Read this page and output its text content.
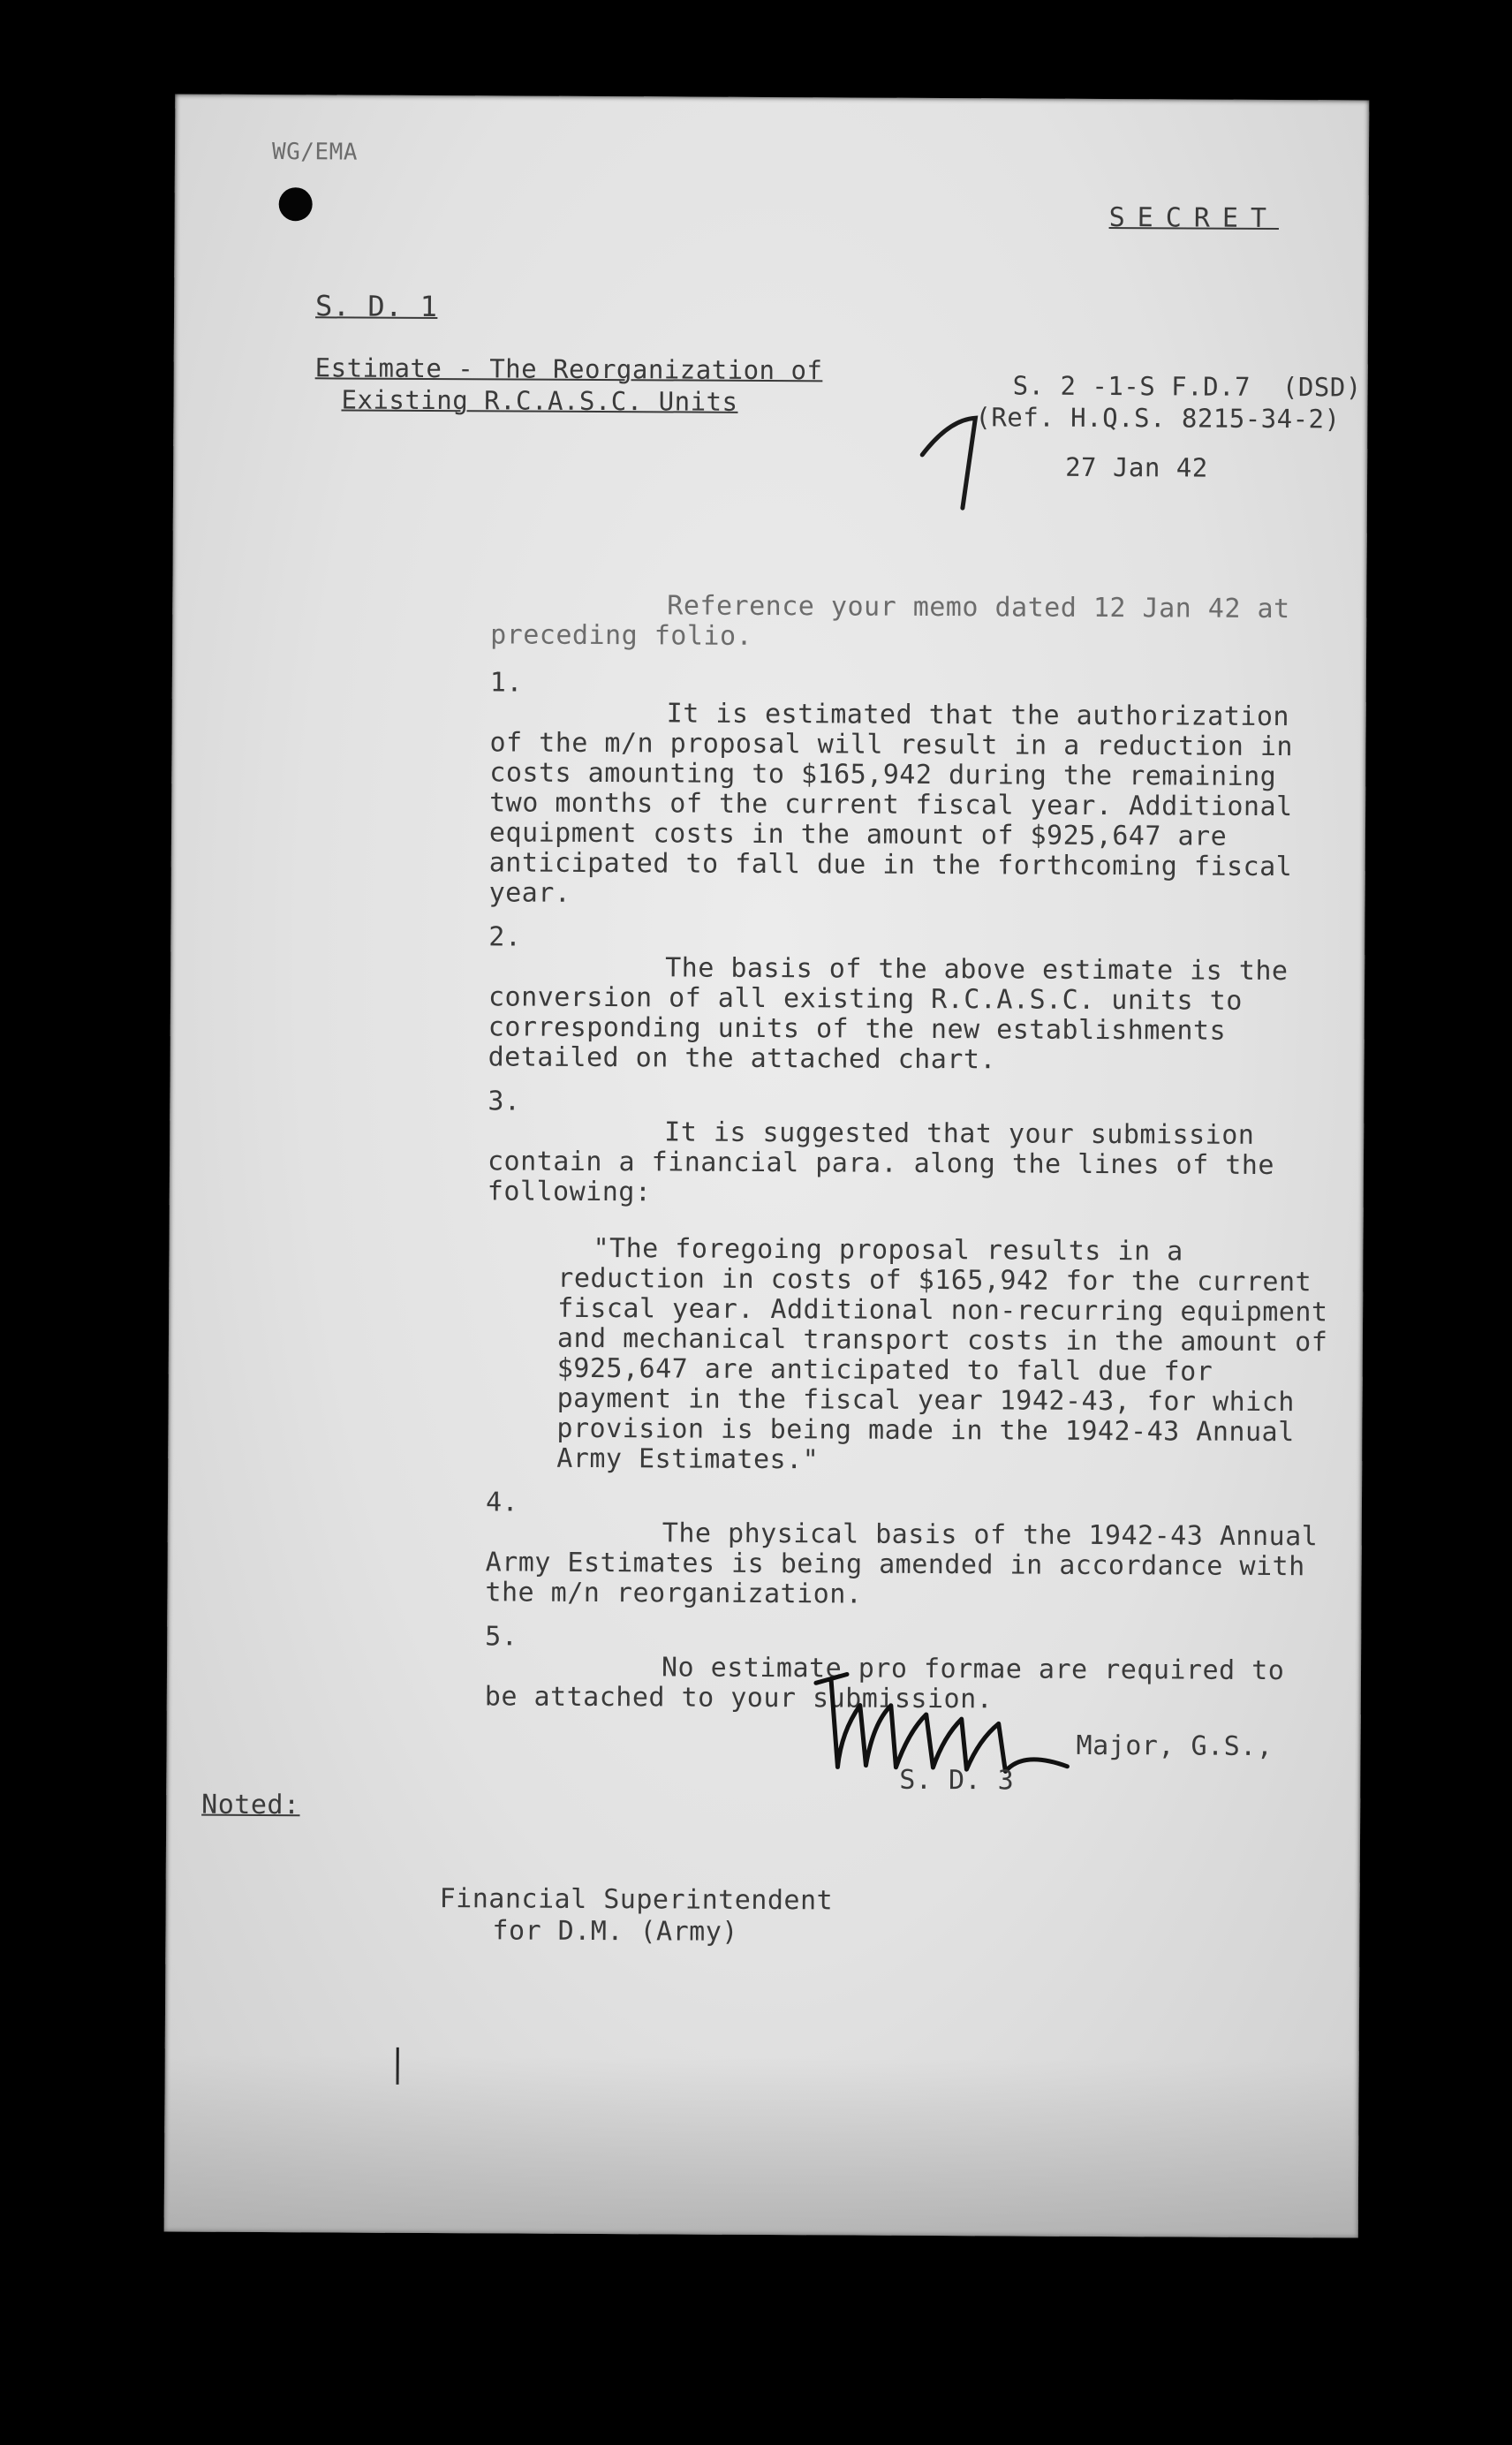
WG/EMA
SECRET
S. D. 1
Estimate - The Reorganization of
Existing R.C.A.S.C. Units	S. 2 -1-S F.D.7  (DSD)
(Ref. H.Q.S. 8215-34-2)
27 Jan 42

Reference your memo dated 12 Jan 42 at preceding folio.

1.

It is estimated that the authorization of the m/n proposal will result in a reduction in costs amounting to $165,942 during the remaining two months of the current fiscal year. Additional equipment costs in the amount of $925,647 are anticipated to fall due in the forthcoming fiscal year.

2.

The basis of the above estimate is the conversion of all existing R.C.A.S.C. units to corresponding units of the new establishments detailed on the attached chart.

3.

It is suggested that your submission contain a financial para. along the lines of the following:

"The foregoing proposal results in a reduction in costs of $165,942 for the current fiscal year. Additional non-recurring equipment and mechanical transport costs in the amount of $925,647 are anticipated to fall due for payment in the fiscal year 1942-43, for which provision is being made in the 1942-43 Annual Army Estimates."

4.

The physical basis of the 1942-43 Annual Army Estimates is being amended in accordance with the m/n reorganization.

5.

No estimate pro formae are required to be attached to your submission.

Major, G.S.,
S. D. 3
Noted:
Financial Superintendent
for D.M. (Army)
